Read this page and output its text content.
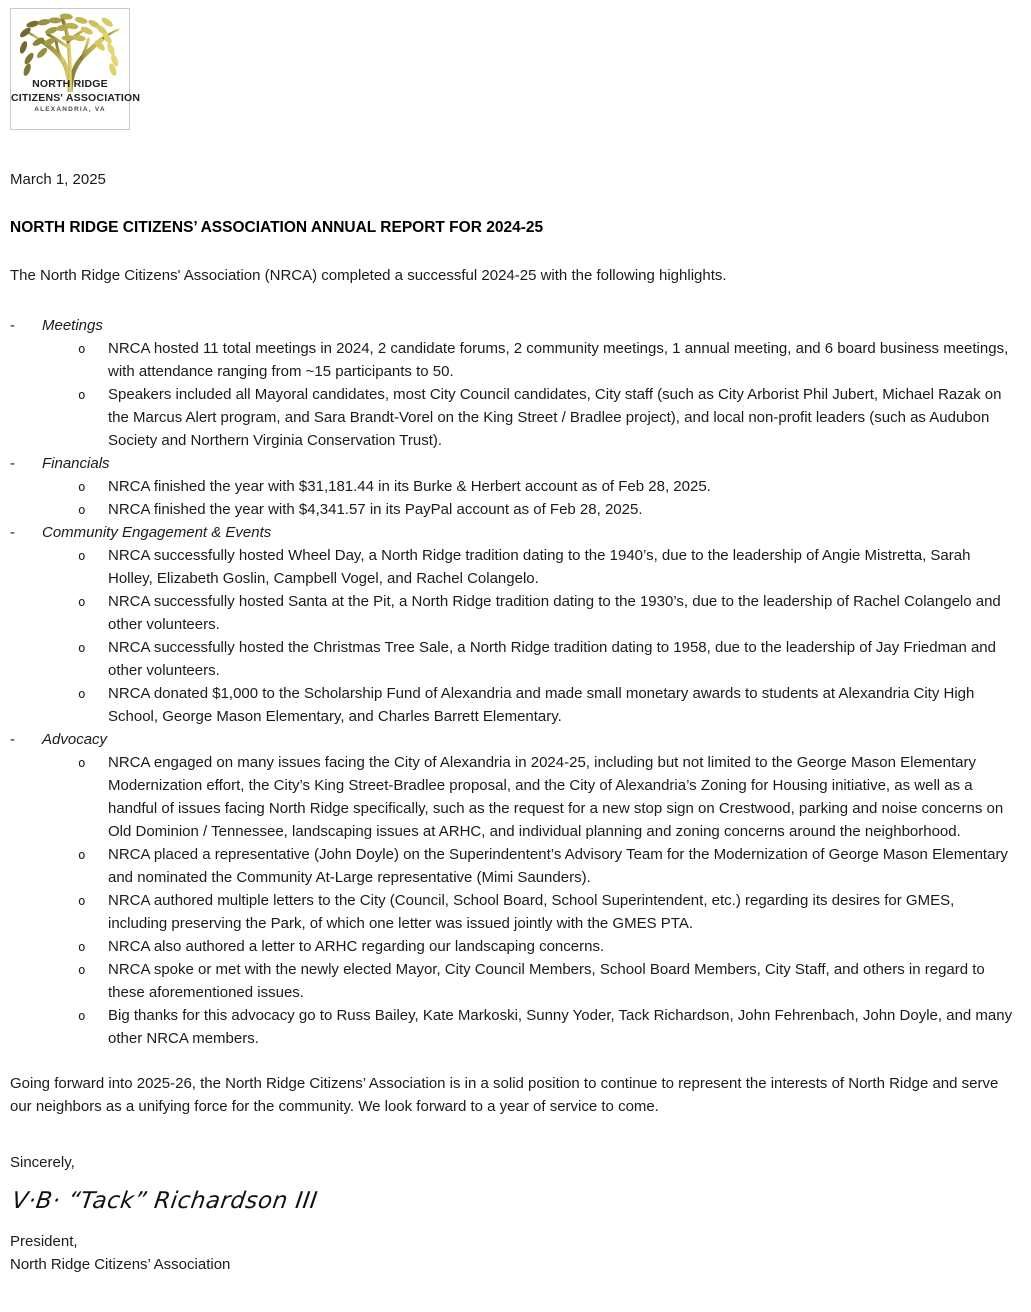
NORTH RIDGE
CITIZENS' ASSOCIATION
ALEXANDRIA, VA

March 1, 2025

NORTH RIDGE CITIZENS’ ASSOCIATION ANNUAL REPORT FOR 2024-25

The North Ridge Citizens' Association (NRCA) completed a successful 2024-25 with the following highlights.

-	Meetings
o	NRCA hosted 11 total meetings in 2024, 2 candidate forums, 2 community meetings, 1 annual meeting, and 6 board business meetings, with attendance ranging from ~15 participants to 50.
o	Speakers included all Mayoral candidates, most City Council candidates, City staff (such as City Arborist Phil Jubert, Michael Razak on the Marcus Alert program, and Sara Brandt-Vorel on the King Street / Bradlee project), and local non-profit leaders (such as Audubon Society and Northern Virginia Conservation Trust).
-	Financials
o	NRCA finished the year with $31,181.44 in its Burke & Herbert account as of Feb 28, 2025.
o	NRCA finished the year with $4,341.57 in its PayPal account as of Feb 28, 2025.
-	Community Engagement & Events
o	NRCA successfully hosted Wheel Day, a North Ridge tradition dating to the 1940’s, due to the leadership of Angie Mistretta, Sarah Holley, Elizabeth Goslin, Campbell Vogel, and Rachel Colangelo.
o	NRCA successfully hosted Santa at the Pit, a North Ridge tradition dating to the 1930’s, due to the leadership of Rachel Colangelo and other volunteers.
o	NRCA successfully hosted the Christmas Tree Sale, a North Ridge tradition dating to 1958, due to the leadership of Jay Friedman and other volunteers.
o	NRCA donated $1,000 to the Scholarship Fund of Alexandria and made small monetary awards to students at Alexandria City High School, George Mason Elementary, and Charles Barrett Elementary.
-	Advocacy
o	NRCA engaged on many issues facing the City of Alexandria in 2024-25, including but not limited to the George Mason Elementary Modernization effort, the City’s King Street-Bradlee proposal, and the City of Alexandria’s Zoning for Housing initiative, as well as a handful of issues facing North Ridge specifically, such as the request for a new stop sign on Crestwood, parking and noise concerns on Old Dominion / Tennessee, landscaping issues at ARHC, and individual planning and zoning concerns around the neighborhood.
o	NRCA placed a representative (John Doyle) on the Superindentent’s Advisory Team for the Modernization of George Mason Elementary and nominated the Community At-Large representative (Mimi Saunders).
o	NRCA authored multiple letters to the City (Council, School Board, School Superintendent, etc.) regarding its desires for GMES, including preserving the Park, of which one letter was issued jointly with the GMES PTA.
o	NRCA also authored a letter to ARHC regarding our landscaping concerns.
o	NRCA spoke or met with the newly elected Mayor, City Council Members, School Board Members, City Staff, and others in regard to these aforementioned issues.
o	Big thanks for this advocacy go to Russ Bailey, Kate Markoski, Sunny Yoder, Tack Richardson, John Fehrenbach, John Doyle, and many other NRCA members.

Going forward into 2025-26, the North Ridge Citizens’ Association is in a solid position to continue to represent the interests of North Ridge and serve our neighbors as a unifying force for the community. We look forward to a year of service to come.

Sincerely,

V·B· “Tack” Richardson III

President,

North Ridge Citizens’ Association
